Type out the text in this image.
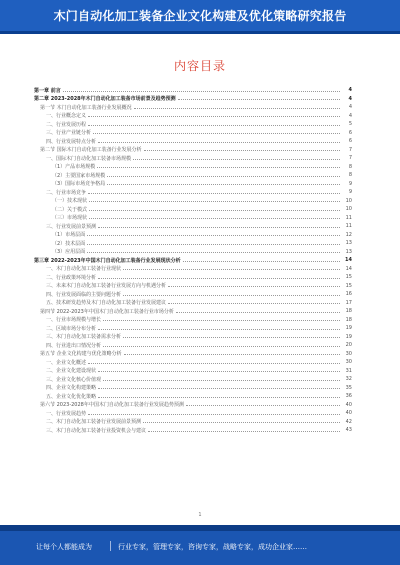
木门自动化加工装备企业文化构建及优化策略研究报告
内容目录
第一章 前言	4
第二章 2023-2028年木门自动化加工装备市场前景及趋势预测	4
第一节 木门自动化加工装备行业发展概况	4
一、行业概念定义	4
二、行业发展历程	5
三、行业产业链分析	6
四、行业发展特点分析	6
第二节 国际木门自动化加工装备行业发展分析	7
一、国际木门自动化加工装备市场规模	7
（1）产品市场规模	8
（2）主要国家市场规模	8
（3）国际市场竞争格局	9
二、行业市场竞争	9
（一）技术现状	10
（二）关于模式	10
（三）市场现状	11
三、行业发展前景预测	11
（1）市场层面	12
（2）技术层面	13
（3）应用层面	13
第三章 2022-2023年中国木门自动化加工装备行业发展现状分析	14
一、木门自动化加工装备行业现状	14
二、行业政策环境分析	15
三、未来木门自动化加工装备行业发展方向与机遇分析	15
四、行业发展面临的主要问题分析	16
五、技术研发趋势及木门自动化加工装备行业发展建议	17
第四节 2022-2023年中国木门自动化加工装备行业市场分析	18
一、行业市场规模与增长	18
二、区域市场分布分析	19
三、木门自动化加工装备需求分析	19
四、行业进出口情况分析	20
第五节 企业文化构建与优化策略分析	30
一、企业文化概述	30
二、企业文化建设现状	31
三、企业文化核心价值观	32
四、企业文化构建策略	35
五、企业文化优化策略	36
第六节 2023-2028年中国木门自动化加工装备行业发展趋势预测	40
一、行业发展趋势	40
二、木门自动化加工装备行业发展前景预测	42
三、木门自动化加工装备行业投资机会与建议	43
让每个人都能成为	行业专家，管理专家，咨询专家，战略专家，成功企业家……
1
